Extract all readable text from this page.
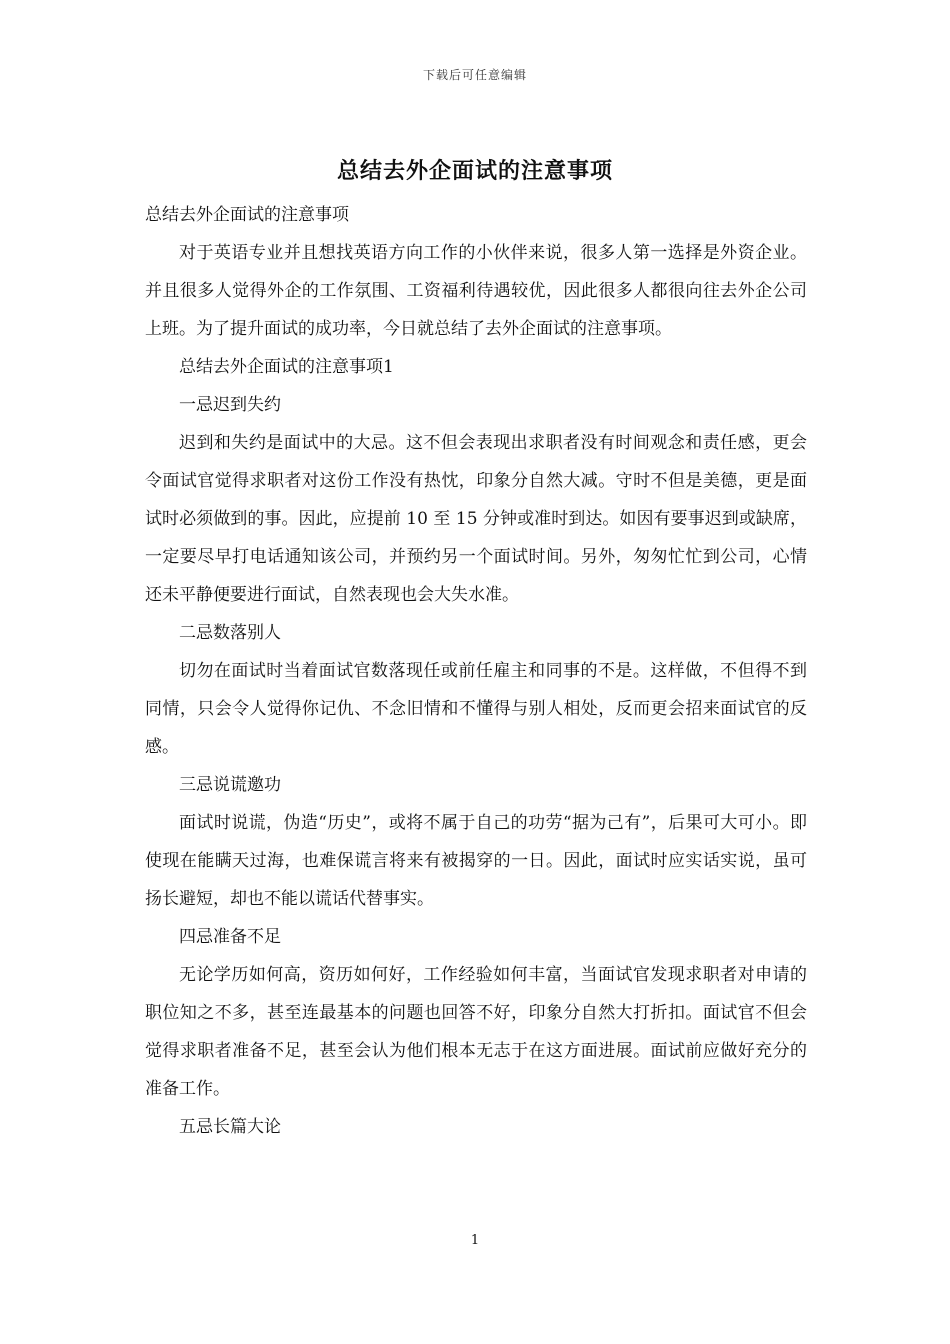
下载后可任意编辑
总结去外企面试的注意事项

总结去外企面试的注意事项

对于英语专业并且想找英语方向工作的小伙伴来说，很多人第一选择是外资企业。并且很多人觉得外企的工作氛围、工资福利待遇较优，因此很多人都很向往去外企公司上班。为了提升面试的成功率，今日就总结了去外企面试的注意事项。

总结去外企面试的注意事项1

一忌迟到失约

迟到和失约是面试中的大忌。这不但会表现出求职者没有时间观念和责任感，更会令面试官觉得求职者对这份工作没有热忱，印象分自然大减。守时不但是美德，更是面试时必须做到的事。因此，应提前 10 至 15 分钟或准时到达。如因有要事迟到或缺席，一定要尽早打电话通知该公司，并预约另一个面试时间。另外，匆匆忙忙到公司，心情还未平静便要进行面试，自然表现也会大失水准。

二忌数落别人

切勿在面试时当着面试官数落现任或前任雇主和同事的不是。这样做，不但得不到同情，只会令人觉得你记仇、不念旧情和不懂得与别人相处，反而更会招来面试官的反感。

三忌说谎邀功

面试时说谎，伪造“历史”，或将不属于自己的功劳“据为己有”，后果可大可小。即使现在能瞒天过海，也难保谎言将来有被揭穿的一日。因此，面试时应实话实说，虽可扬长避短，却也不能以谎话代替事实。

四忌准备不足

无论学历如何高，资历如何好，工作经验如何丰富，当面试官发现求职者对申请的职位知之不多，甚至连最基本的问题也回答不好，印象分自然大打折扣。面试官不但会觉得求职者准备不足，甚至会认为他们根本无志于在这方面进展。面试前应做好充分的准备工作。

五忌长篇大论

1
